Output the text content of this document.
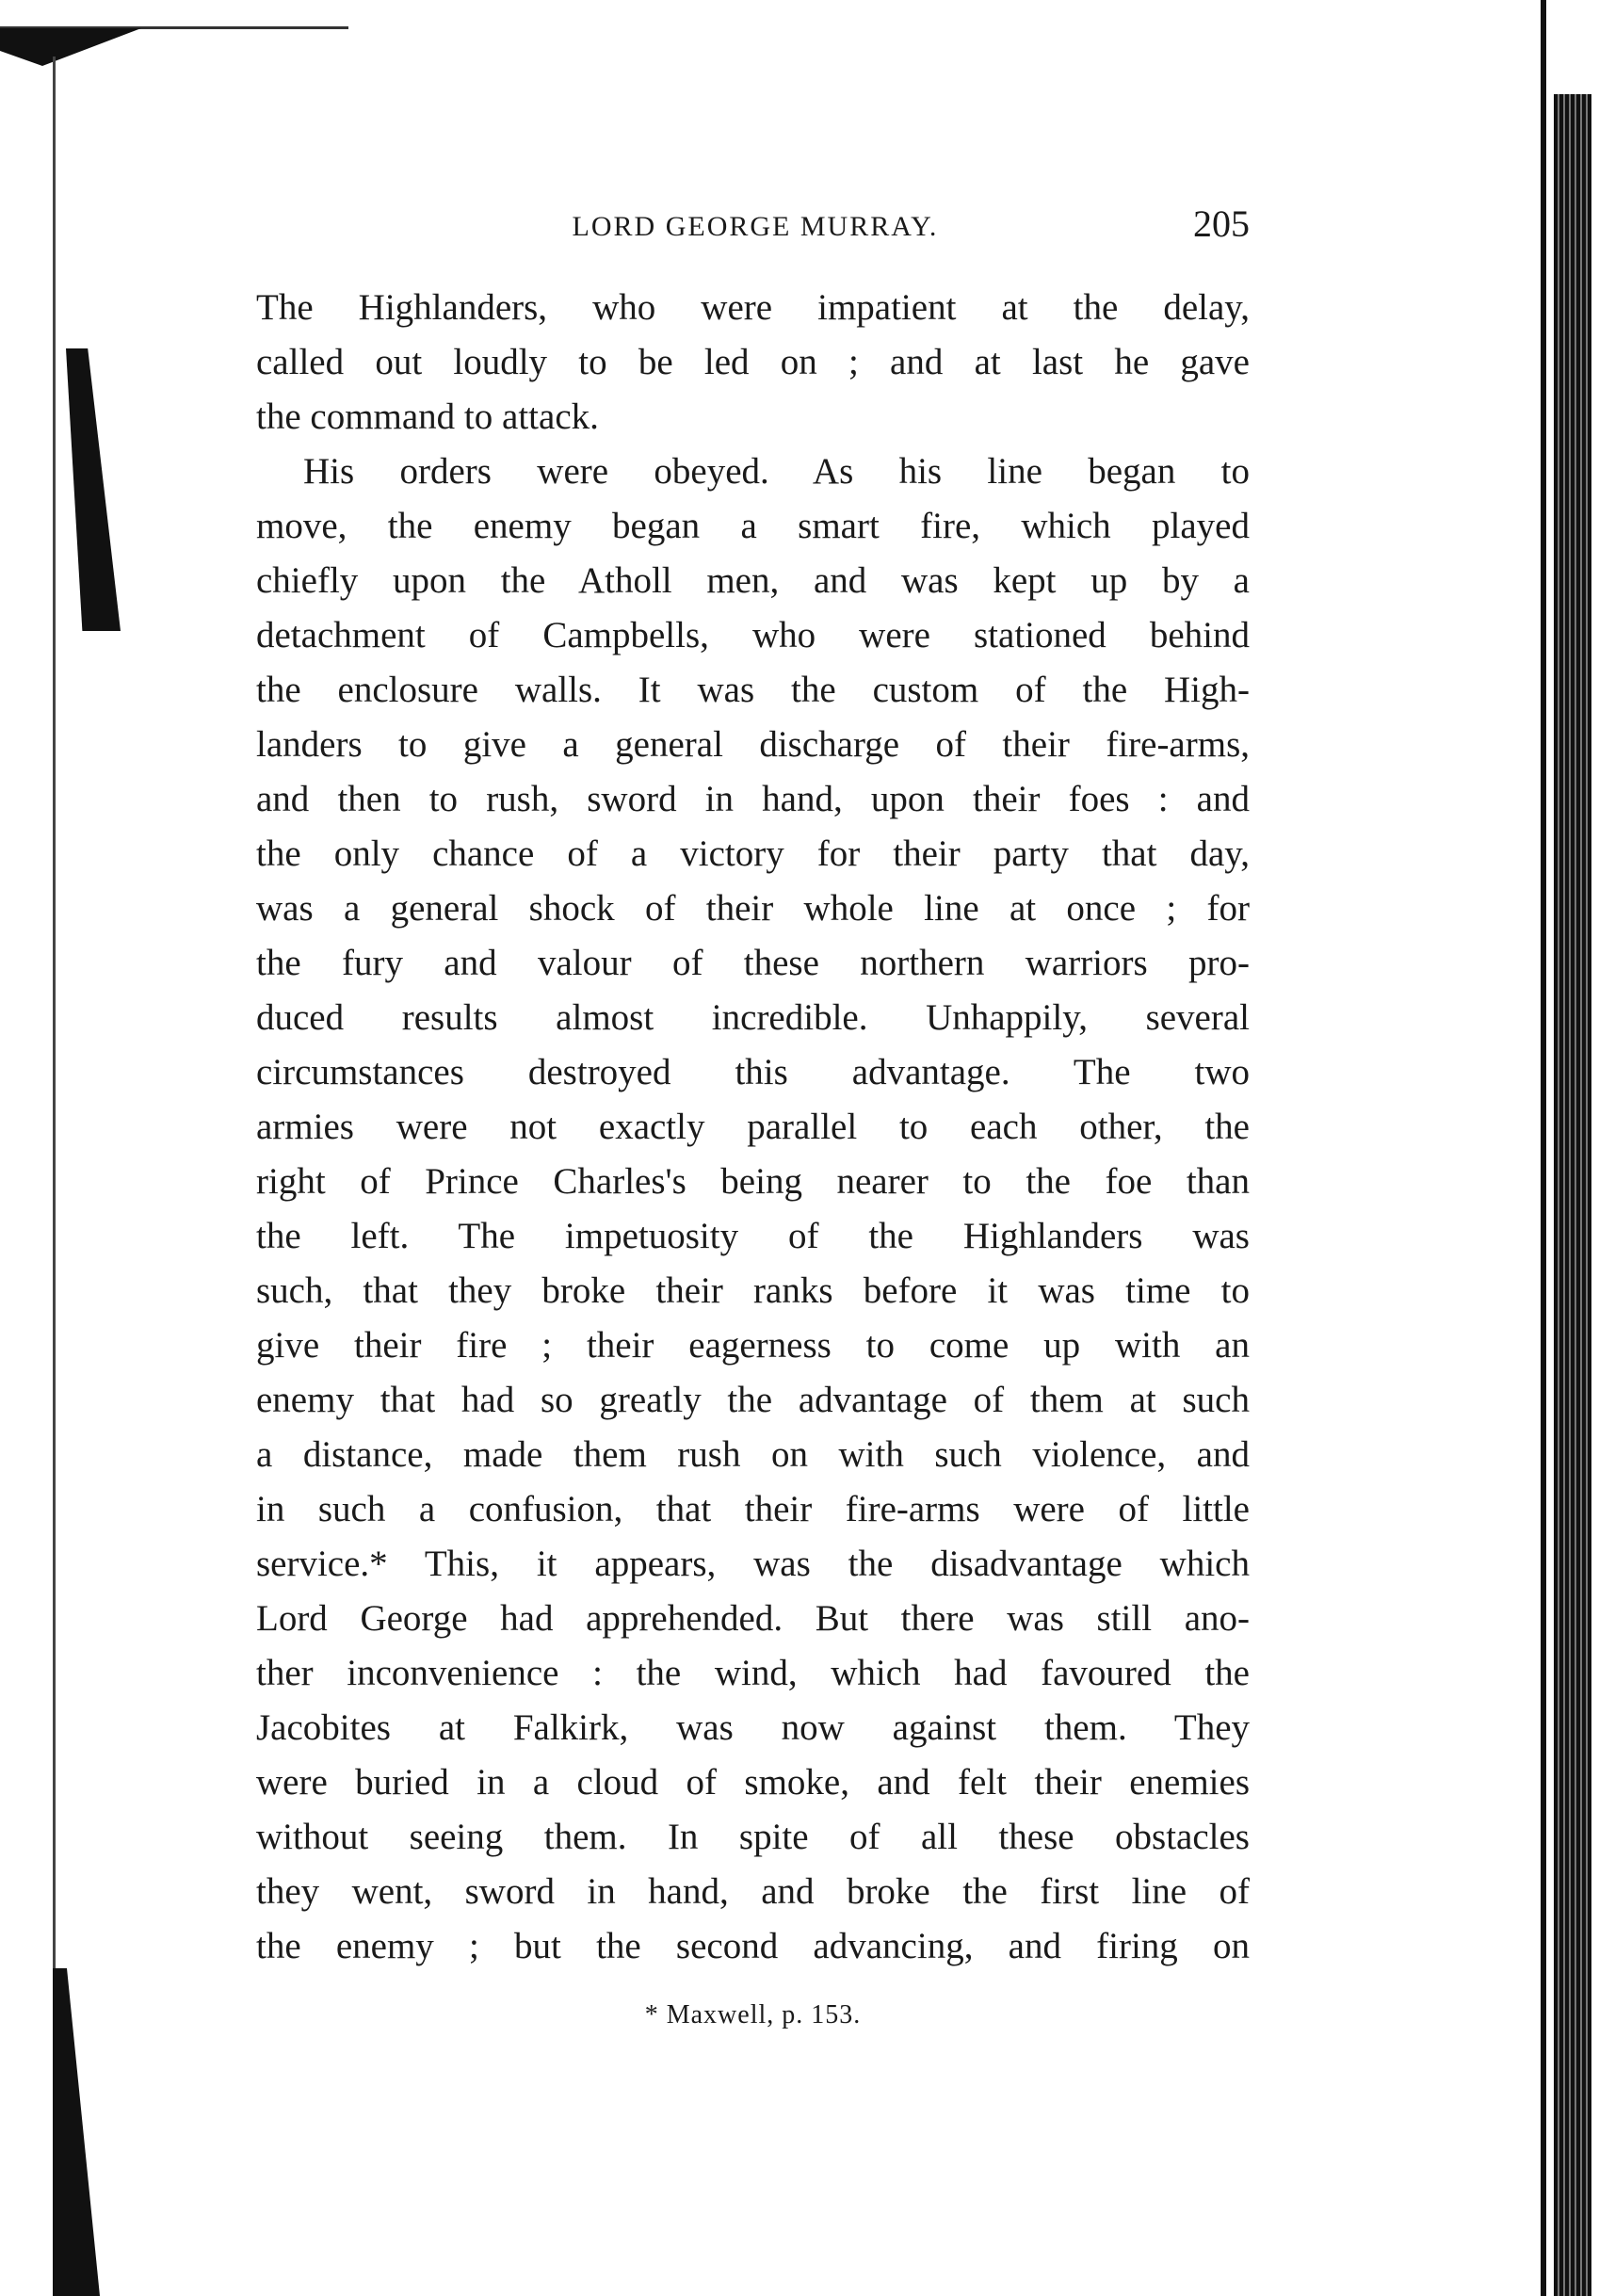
LORD GEORGE MURRAY.	205
The Highlanders, who were impatient at the delay,
called out loudly to be led on ; and at last he gave
the command to attack.
His orders were obeyed. As his line began to
move, the enemy began a smart fire, which played
chiefly upon the Atholl men, and was kept up by a
detachment of Campbells, who were stationed behind
the enclosure walls. It was the custom of the High-
landers to give a general discharge of their fire-arms,
and then to rush, sword in hand, upon their foes : and
the only chance of a victory for their party that day,
was a general shock of their whole line at once ; for
the fury and valour of these northern warriors pro-
duced results almost incredible. Unhappily, several
circumstances destroyed this advantage. The two
armies were not exactly parallel to each other, the
right of Prince Charles's being nearer to the foe than
the left. The impetuosity of the Highlanders was
such, that they broke their ranks before it was time to
give their fire ; their eagerness to come up with an
enemy that had so greatly the advantage of them at such
a distance, made them rush on with such violence, and
in such a confusion, that their fire-arms were of little
service.* This, it appears, was the disadvantage which
Lord George had apprehended. But there was still ano-
ther inconvenience : the wind, which had favoured the
Jacobites at Falkirk, was now against them. They
were buried in a cloud of smoke, and felt their enemies
without seeing them. In spite of all these obstacles
they went, sword in hand, and broke the first line of
the enemy ; but the second advancing, and firing on
* Maxwell, p. 153.
